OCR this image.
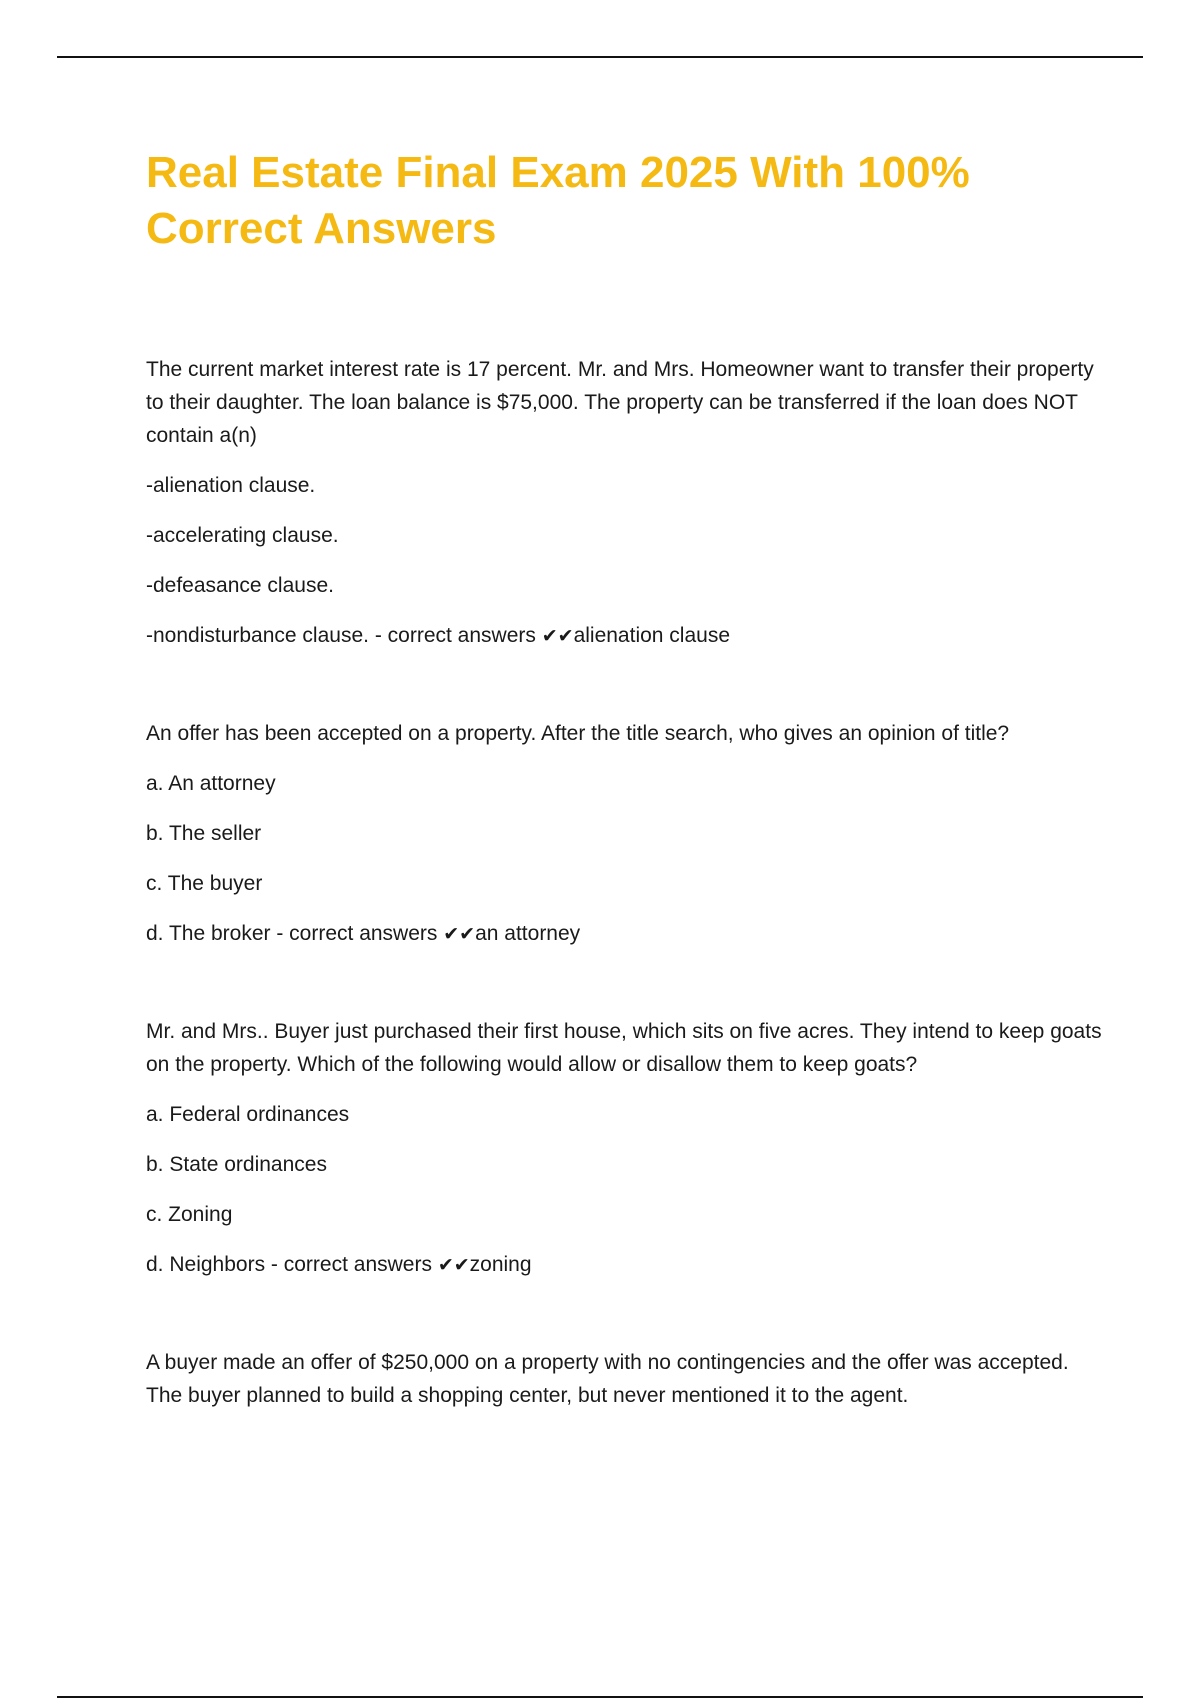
Real Estate Final Exam 2025 With 100% Correct Answers

The current market interest rate is 17 percent. Mr. and Mrs. Homeowner want to transfer their property to their daughter. The loan balance is $75,000. The property can be transferred if the loan does NOT contain a(n)

-alienation clause.

-accelerating clause.

-defeasance clause.

-nondisturbance clause. - correct answers ✔✔alienation clause

An offer has been accepted on a property. After the title search, who gives an opinion of title?

a. An attorney

b. The seller

c. The buyer

d. The broker - correct answers ✔✔an attorney

Mr. and Mrs.. Buyer just purchased their first house, which sits on five acres. They intend to keep goats on the property. Which of the following would allow or disallow them to keep goats?

a. Federal ordinances

b. State ordinances

c. Zoning

d. Neighbors - correct answers ✔✔zoning

A buyer made an offer of $250,000 on a property with no contingencies and the offer was accepted. The buyer planned to build a shopping center, but never mentioned it to the agent.
